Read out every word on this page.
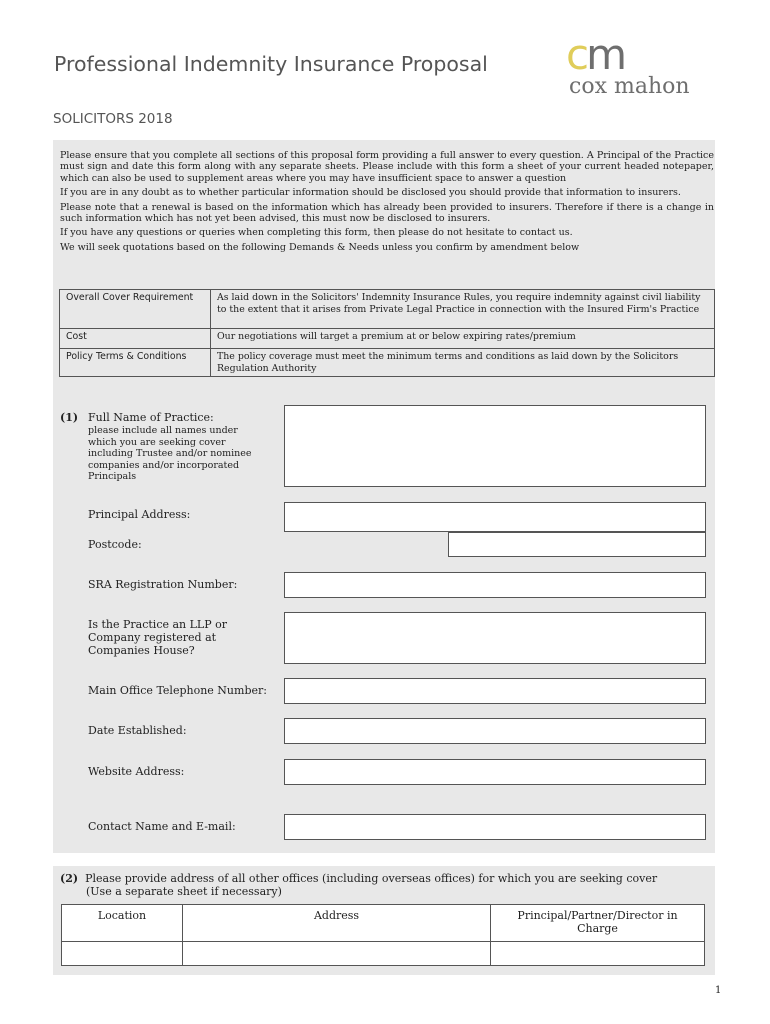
Professional Indemnity Insurance Proposal
SOLICITORS 2018
cm
cox mahon

Please ensure that you complete all sections of this proposal form providing a full answer to every question. A Principal of the Practice must sign and date this form along with any separate sheets. Please include with this form a sheet of your current headed notepaper, which can also be used to supplement areas where you may have insufficient space to answer a question

If you are in any doubt as to whether particular information should be disclosed you should provide that information to insurers.

Please note that a renewal is based on the information which has already been provided to insurers. Therefore if there is a change in such information which has not yet been advised, this must now be disclosed to insurers.

If you have any questions or queries when completing this form, then please do not hesitate to contact us.

We will seek quotations based on the following Demands & Needs unless you confirm by amendment below

Overall Cover Requirement	As laid down in the Solicitors' Indemnity Insurance Rules, you require indemnity against civil liability to the extent that it arises from Private Legal Practice in connection with the Insured Firm's Practice
Cost	Our negotiations will target a premium at or below expiring rates/premium
Policy Terms & Conditions	The policy coverage must meet the minimum terms and conditions as laid down by the Solicitors Regulation Authority
(1) Full Name of Practice:
please include all names under which you are seeking cover including Trustee and/or nominee companies and/or incorporated Principals
Principal Address:
Postcode:
SRA Registration Number:
Is the Practice an LLP or Company registered at Companies House?
Main Office Telephone Number:
Date Established:
Website Address:
Contact Name and E-mail:
(2) Please provide address of all other offices (including overseas offices) for which you are seeking cover
(Use a separate sheet if necessary)
Location	Address	Principal/Partner/Director in Charge

1
